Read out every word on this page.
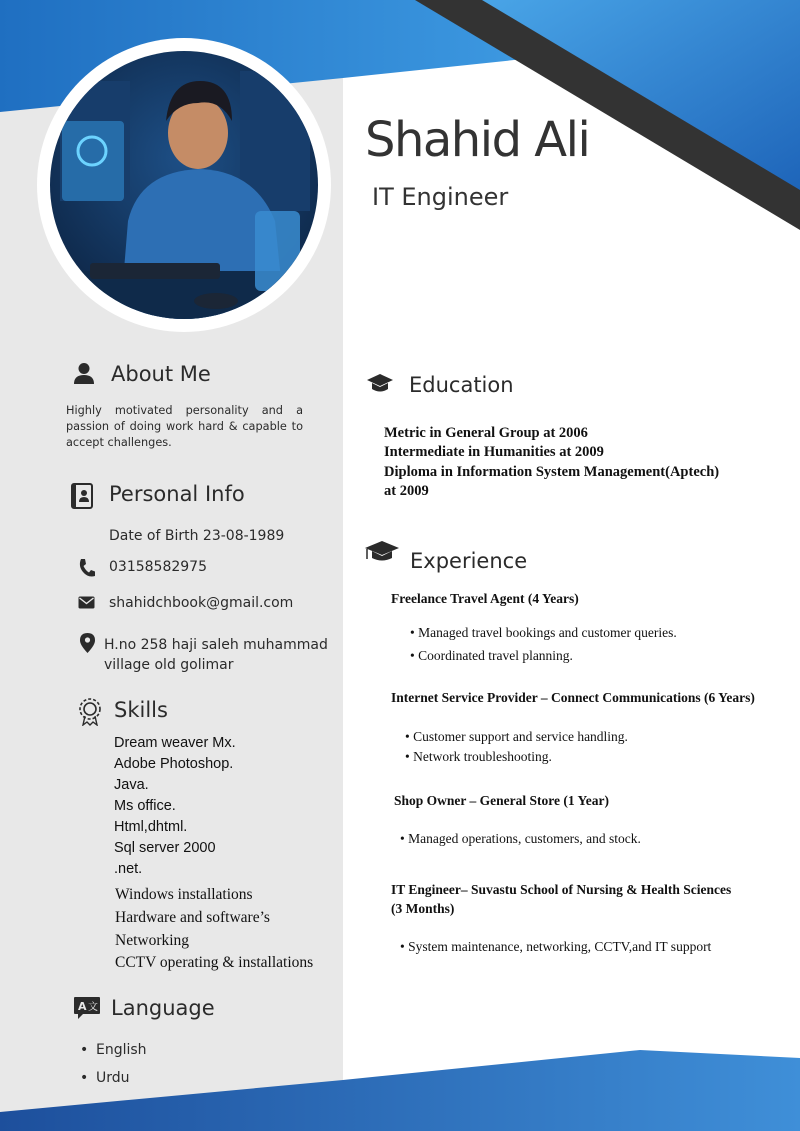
Shahid Ali
IT Engineer
About Me
Highly motivated personality and a passion of doing work hard & capable to accept challenges.
Personal Info
Date of Birth 23-08-1989
03158582975
shahidchbook@gmail.com
H.no 258 haji saleh muhammad
village old golimar
Skills
Dream weaver Mx.
Adobe Photoshop.
Java.
Ms office.
Html,dhtml.
Sql server 2000
.net.
Windows installations
Hardware and software’s
Networking
CCTV operating & installations
A 文 Language
• English
• Urdu
Education
Metric in General Group at 2006
Intermediate in Humanities at 2009
Diploma in Information System Management(Aptech)
at 2009
Experience
Freelance Travel Agent (4 Years)
• Managed travel bookings and customer queries.
• Coordinated travel planning.
Internet Service Provider – Connect Communications (6 Years)
• Customer support and service handling.
• Network troubleshooting.
Shop Owner – General Store (1 Year)
• Managed operations, customers, and stock.
IT Engineer– Suvastu School of Nursing & Health Sciences
(3 Months)
• System maintenance, networking, CCTV,and IT support
